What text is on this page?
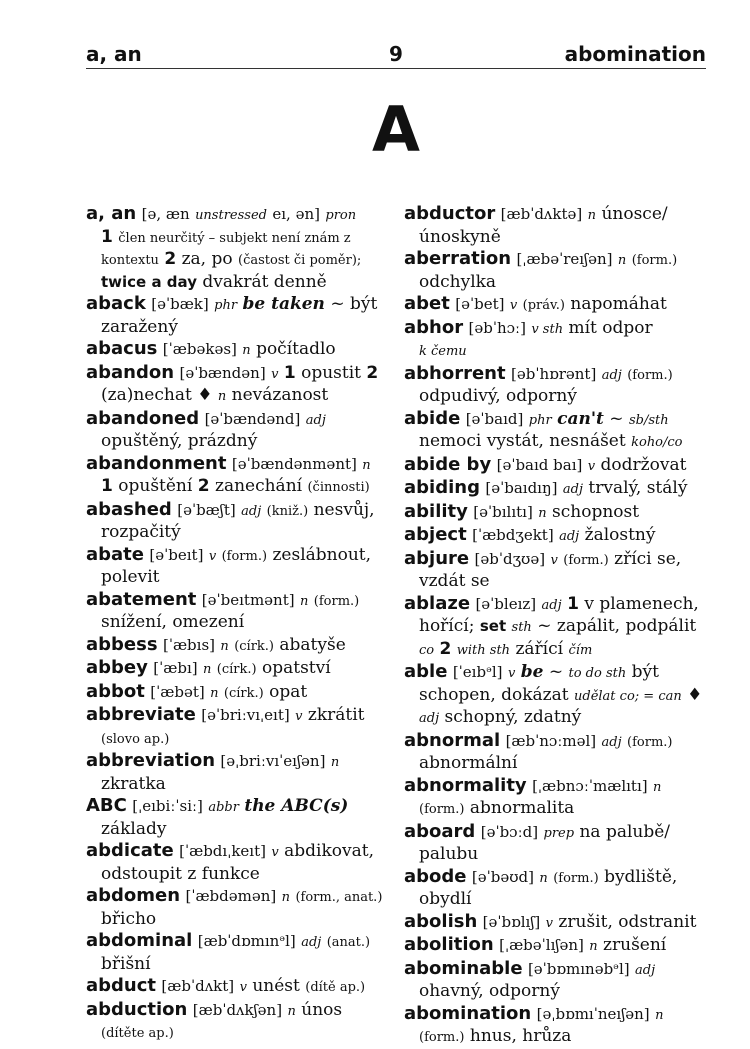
9
a, an	abomination
A

a, an [ə, æn unstressed eı, ən] pron
1 člen neurčitý – subjekt není znám z kontextu 2 za, po (častost či poměr); twice a day dvakrát denně

aback [əˈbæk] phr be taken ~ být zaražený

abacus [ˈæbəkəs] n počítadlo

abandon [əˈbændən] v 1 opustit 2 (za)nechat ♦ n nevázanost

abandoned [əˈbændənd] adj opuštěný, prázdný

abandonment [əˈbændənmənt] n 1 opuštění 2 zanechání (činnosti)

abashed [əˈbæʃt] adj (kniž.) nesvůj, rozpačitý

abate [əˈbeıt] v (form.) zeslábnout, polevit

abatement [əˈbeıtmənt] n (form.) snížení, omezení

abbess [ˈæbıs] n (círk.) abatyše

abbey [ˈæbı] n (círk.) opatství

abbot [ˈæbət] n (círk.) opat

abbreviate [əˈbriːvıˌeıt] v zkrátit (slovo ap.)

abbreviation [əˌbriːvıˈeıʃən] n zkratka

ABC [ˌeıbiːˈsiː] abbr the ABC(s) základy

abdicate [ˈæbdıˌkeıt] v abdikovat, odstoupit z funkce

abdomen [ˈæbdəmən] n (form., anat.) břicho

abdominal [æbˈdɒmınᵊl] adj (anat.) břišní

abduct [æbˈdʌkt] v unést (dítě ap.)

abduction [æbˈdʌkʃən] n únos (dítěte ap.)

abductor [æbˈdʌktə] n únosce/ únoskyně

aberration [ˌæbəˈreıʃən] n (form.) odchylka

abet [əˈbet] v (práv.) napomáhat

abhor [əbˈhɔː] v sth mít odpor
k čemu

abhorrent [əbˈhɒrənt] adj (form.) odpudivý, odporný

abide [əˈbaıd] phr can't ~ sb/sth nemoci vystát, nesnášet koho/co

abide by [əˈbaıd baı] v dodržovat

abiding [əˈbaıdıŋ] adj trvalý, stálý

ability [əˈbılıtı] n schopnost

abject [ˈæbdʒekt] adj žalostný

abjure [əbˈdʒʊə] v (form.) zříci se, vzdát se

ablaze [əˈbleız] adj 1 v plamenech, hořící; set sth ~ zapálit, podpálit co 2 with sth zářící čím

able [ˈeıbᵊl] v be ~ to do sth být schopen, dokázat udělat co; = can ♦ adj schopný, zdatný

abnormal [æbˈnɔːməl] adj (form.) abnormální

abnormality [ˌæbnɔːˈmælıtı] n
(form.) abnormalita

aboard [əˈbɔːd] prep na palubě/ palubu

abode [əˈbəʊd] n (form.) bydliště, obydlí

abolish [əˈbɒlıʃ] v zrušit, odstranit

abolition [ˌæbəˈlıʃən] n zrušení

abominable [əˈbɒmınəbᵊl] adj ohavný, odporný

abomination [əˌbɒmıˈneıʃən] n
(form.) hnus, hrůza
